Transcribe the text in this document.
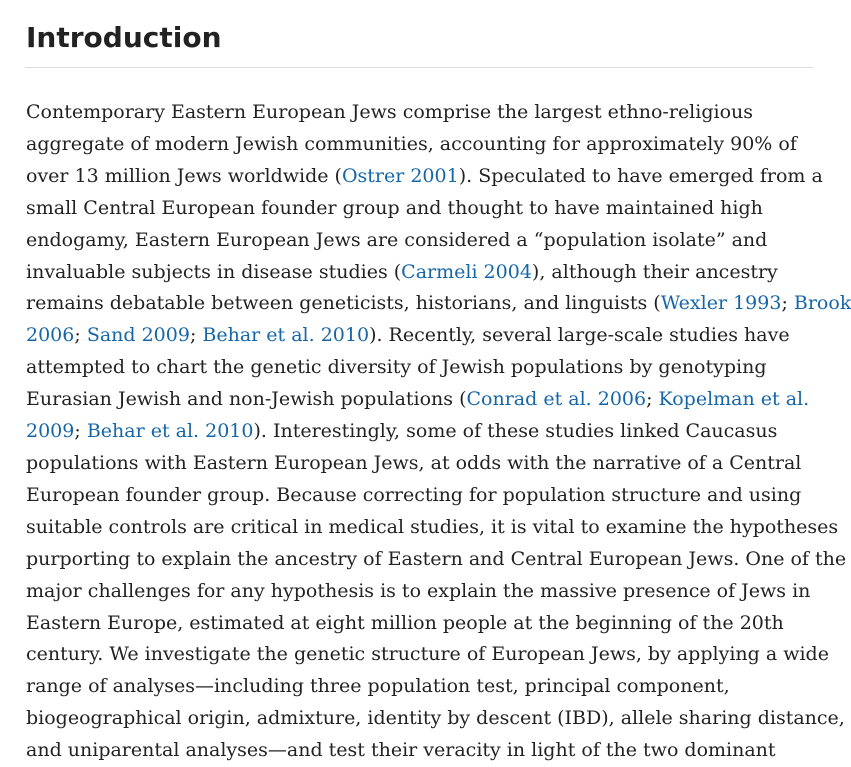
Introduction
Contemporary Eastern European Jews comprise the largest ethno-religious
aggregate of modern Jewish communities, accounting for approximately 90% of
over 13 million Jews worldwide (Ostrer 2001). Speculated to have emerged from a
small Central European founder group and thought to have maintained high
endogamy, Eastern European Jews are considered a “population isolate” and
invaluable subjects in disease studies (Carmeli 2004), although their ancestry
remains debatable between geneticists, historians, and linguists (Wexler 1993; Brook
2006; Sand 2009; Behar et al. 2010). Recently, several large-scale studies have
attempted to chart the genetic diversity of Jewish populations by genotyping
Eurasian Jewish and non-Jewish populations (Conrad et al. 2006; Kopelman et al.
2009; Behar et al. 2010). Interestingly, some of these studies linked Caucasus
populations with Eastern European Jews, at odds with the narrative of a Central
European founder group. Because correcting for population structure and using
suitable controls are critical in medical studies, it is vital to examine the hypotheses
purporting to explain the ancestry of Eastern and Central European Jews. One of the
major challenges for any hypothesis is to explain the massive presence of Jews in
Eastern Europe, estimated at eight million people at the beginning of the 20th
century. We investigate the genetic structure of European Jews, by applying a wide
range of analyses—including three population test, principal component,
biogeographical origin, admixture, identity by descent (IBD), allele sharing distance,
and uniparental analyses—and test their veracity in light of the two dominant
